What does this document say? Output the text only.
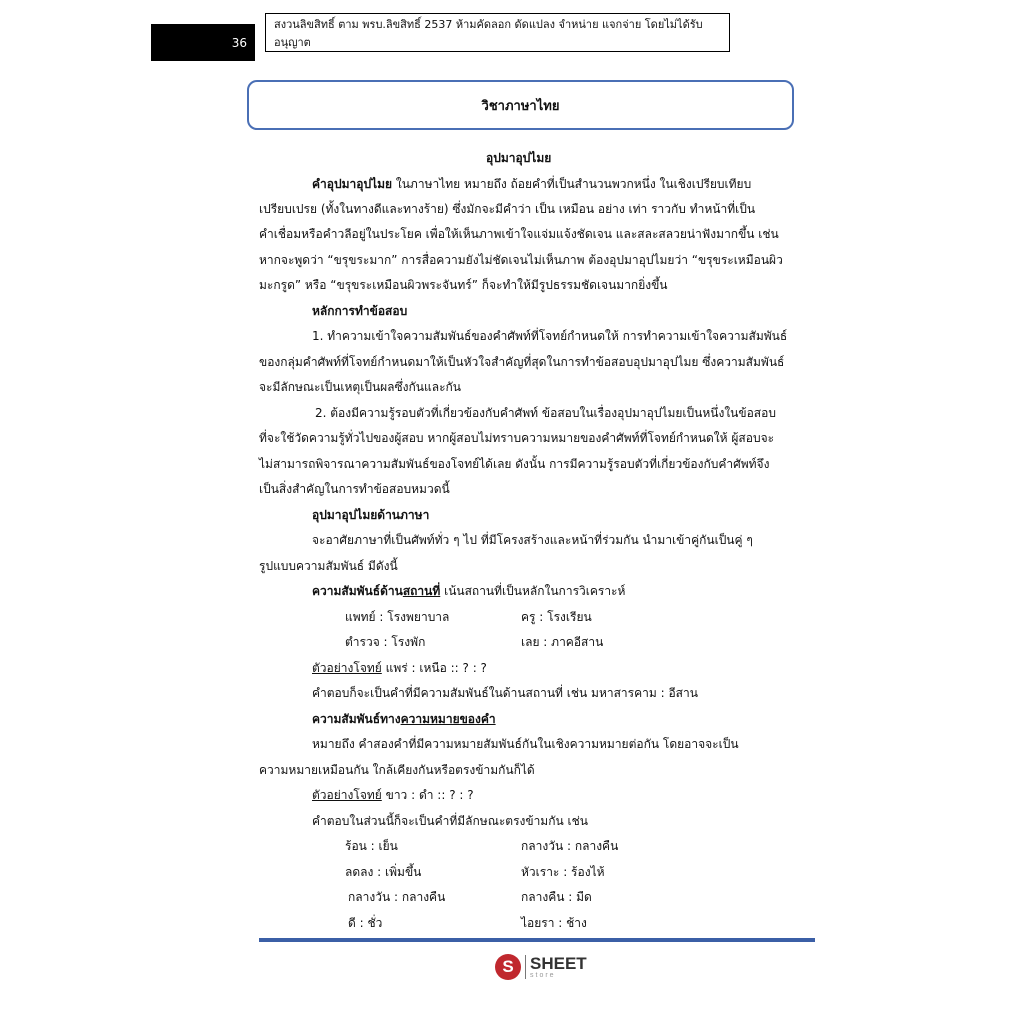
36
สงวนลิขสิทธิ์ ตาม พรบ.ลิขสิทธิ์ 2537 ห้ามคัดลอก ดัดแปลง จำหน่าย แจกจ่าย โดยไม่ได้รับอนุญาต
วิชาภาษาไทย
อุปมาอุปไมย
คำอุปมาอุปไมย ในภาษาไทย หมายถึง ถ้อยคำที่เป็นสำนวนพวกหนึ่ง ในเชิงเปรียบเทียบ
เปรียบเปรย (ทั้งในทางดีและทางร้าย) ซึ่งมักจะมีคำว่า เป็น เหมือน อย่าง เท่า ราวกับ ทำหน้าที่เป็น
คำเชื่อมหรือคำวลีอยู่ในประโยค เพื่อให้เห็นภาพเข้าใจแจ่มแจ้งชัดเจน และสละสลวยน่าฟังมากขึ้น เช่น
หากจะพูดว่า “ขรุขระมาก” การสื่อความยังไม่ชัดเจนไม่เห็นภาพ ต้องอุปมาอุปไมยว่า “ขรุขระเหมือนผิว
มะกรูด” หรือ “ขรุขระเหมือนผิวพระจันทร์” ก็จะทำให้มีรูปธรรมชัดเจนมากยิ่งขึ้น
หลักการทำข้อสอบ
1. ทำความเข้าใจความสัมพันธ์ของคำศัพท์ที่โจทย์กำหนดให้ การทำความเข้าใจความสัมพันธ์
ของกลุ่มคำศัพท์ที่โจทย์กำหนดมาให้เป็นหัวใจสำคัญที่สุดในการทำข้อสอบอุปมาอุปไมย ซึ่งความสัมพันธ์
จะมีลักษณะเป็นเหตุเป็นผลซึ่งกันและกัน
2. ต้องมีความรู้รอบตัวที่เกี่ยวข้องกับคำศัพท์ ข้อสอบในเรื่องอุปมาอุปไมยเป็นหนึ่งในข้อสอบ
ที่จะใช้วัดความรู้ทั่วไปของผู้สอบ หากผู้สอบไม่ทราบความหมายของคำศัพท์ที่โจทย์กำหนดให้ ผู้สอบจะ
ไม่สามารถพิจารณาความสัมพันธ์ของโจทย์ได้เลย ดังนั้น การมีความรู้รอบตัวที่เกี่ยวข้องกับคำศัพท์จึง
เป็นสิ่งสำคัญในการทำข้อสอบหมวดนี้
อุปมาอุปไมยด้านภาษา
จะอาศัยภาษาที่เป็นศัพท์ทั่ว ๆ ไป ที่มีโครงสร้างและหน้าที่ร่วมกัน นำมาเข้าคู่กันเป็นคู่ ๆ
รูปแบบความสัมพันธ์ มีดังนี้
ความสัมพันธ์ด้านสถานที่ เน้นสถานที่เป็นหลักในการวิเคราะห์
แพทย์ : โรงพยาบาล	ครู : โรงเรียน
ตำรวจ : โรงพัก	เลย : ภาคอีสาน
ตัวอย่างโจทย์ แพร่ : เหนือ :: ? : ?
คำตอบก็จะเป็นคำที่มีความสัมพันธ์ในด้านสถานที่ เช่น มหาสารคาม : อีสาน
ความสัมพันธ์ทางความหมายของคำ
หมายถึง คำสองคำที่มีความหมายสัมพันธ์กันในเชิงความหมายต่อกัน โดยอาจจะเป็น
ความหมายเหมือนกัน ใกล้เคียงกันหรือตรงข้ามกันก็ได้
ตัวอย่างโจทย์ ขาว : ดำ :: ? : ?
คำตอบในส่วนนี้ก็จะเป็นคำที่มีลักษณะตรงข้ามกัน เช่น
ร้อน : เย็น	กลางวัน : กลางคืน
ลดลง : เพิ่มขึ้น	หัวเราะ : ร้องไห้
กลางวัน : กลางคืน	กลางคืน : มืด
ดี : ชั่ว	ไอยรา : ช้าง
S SHEET
store
